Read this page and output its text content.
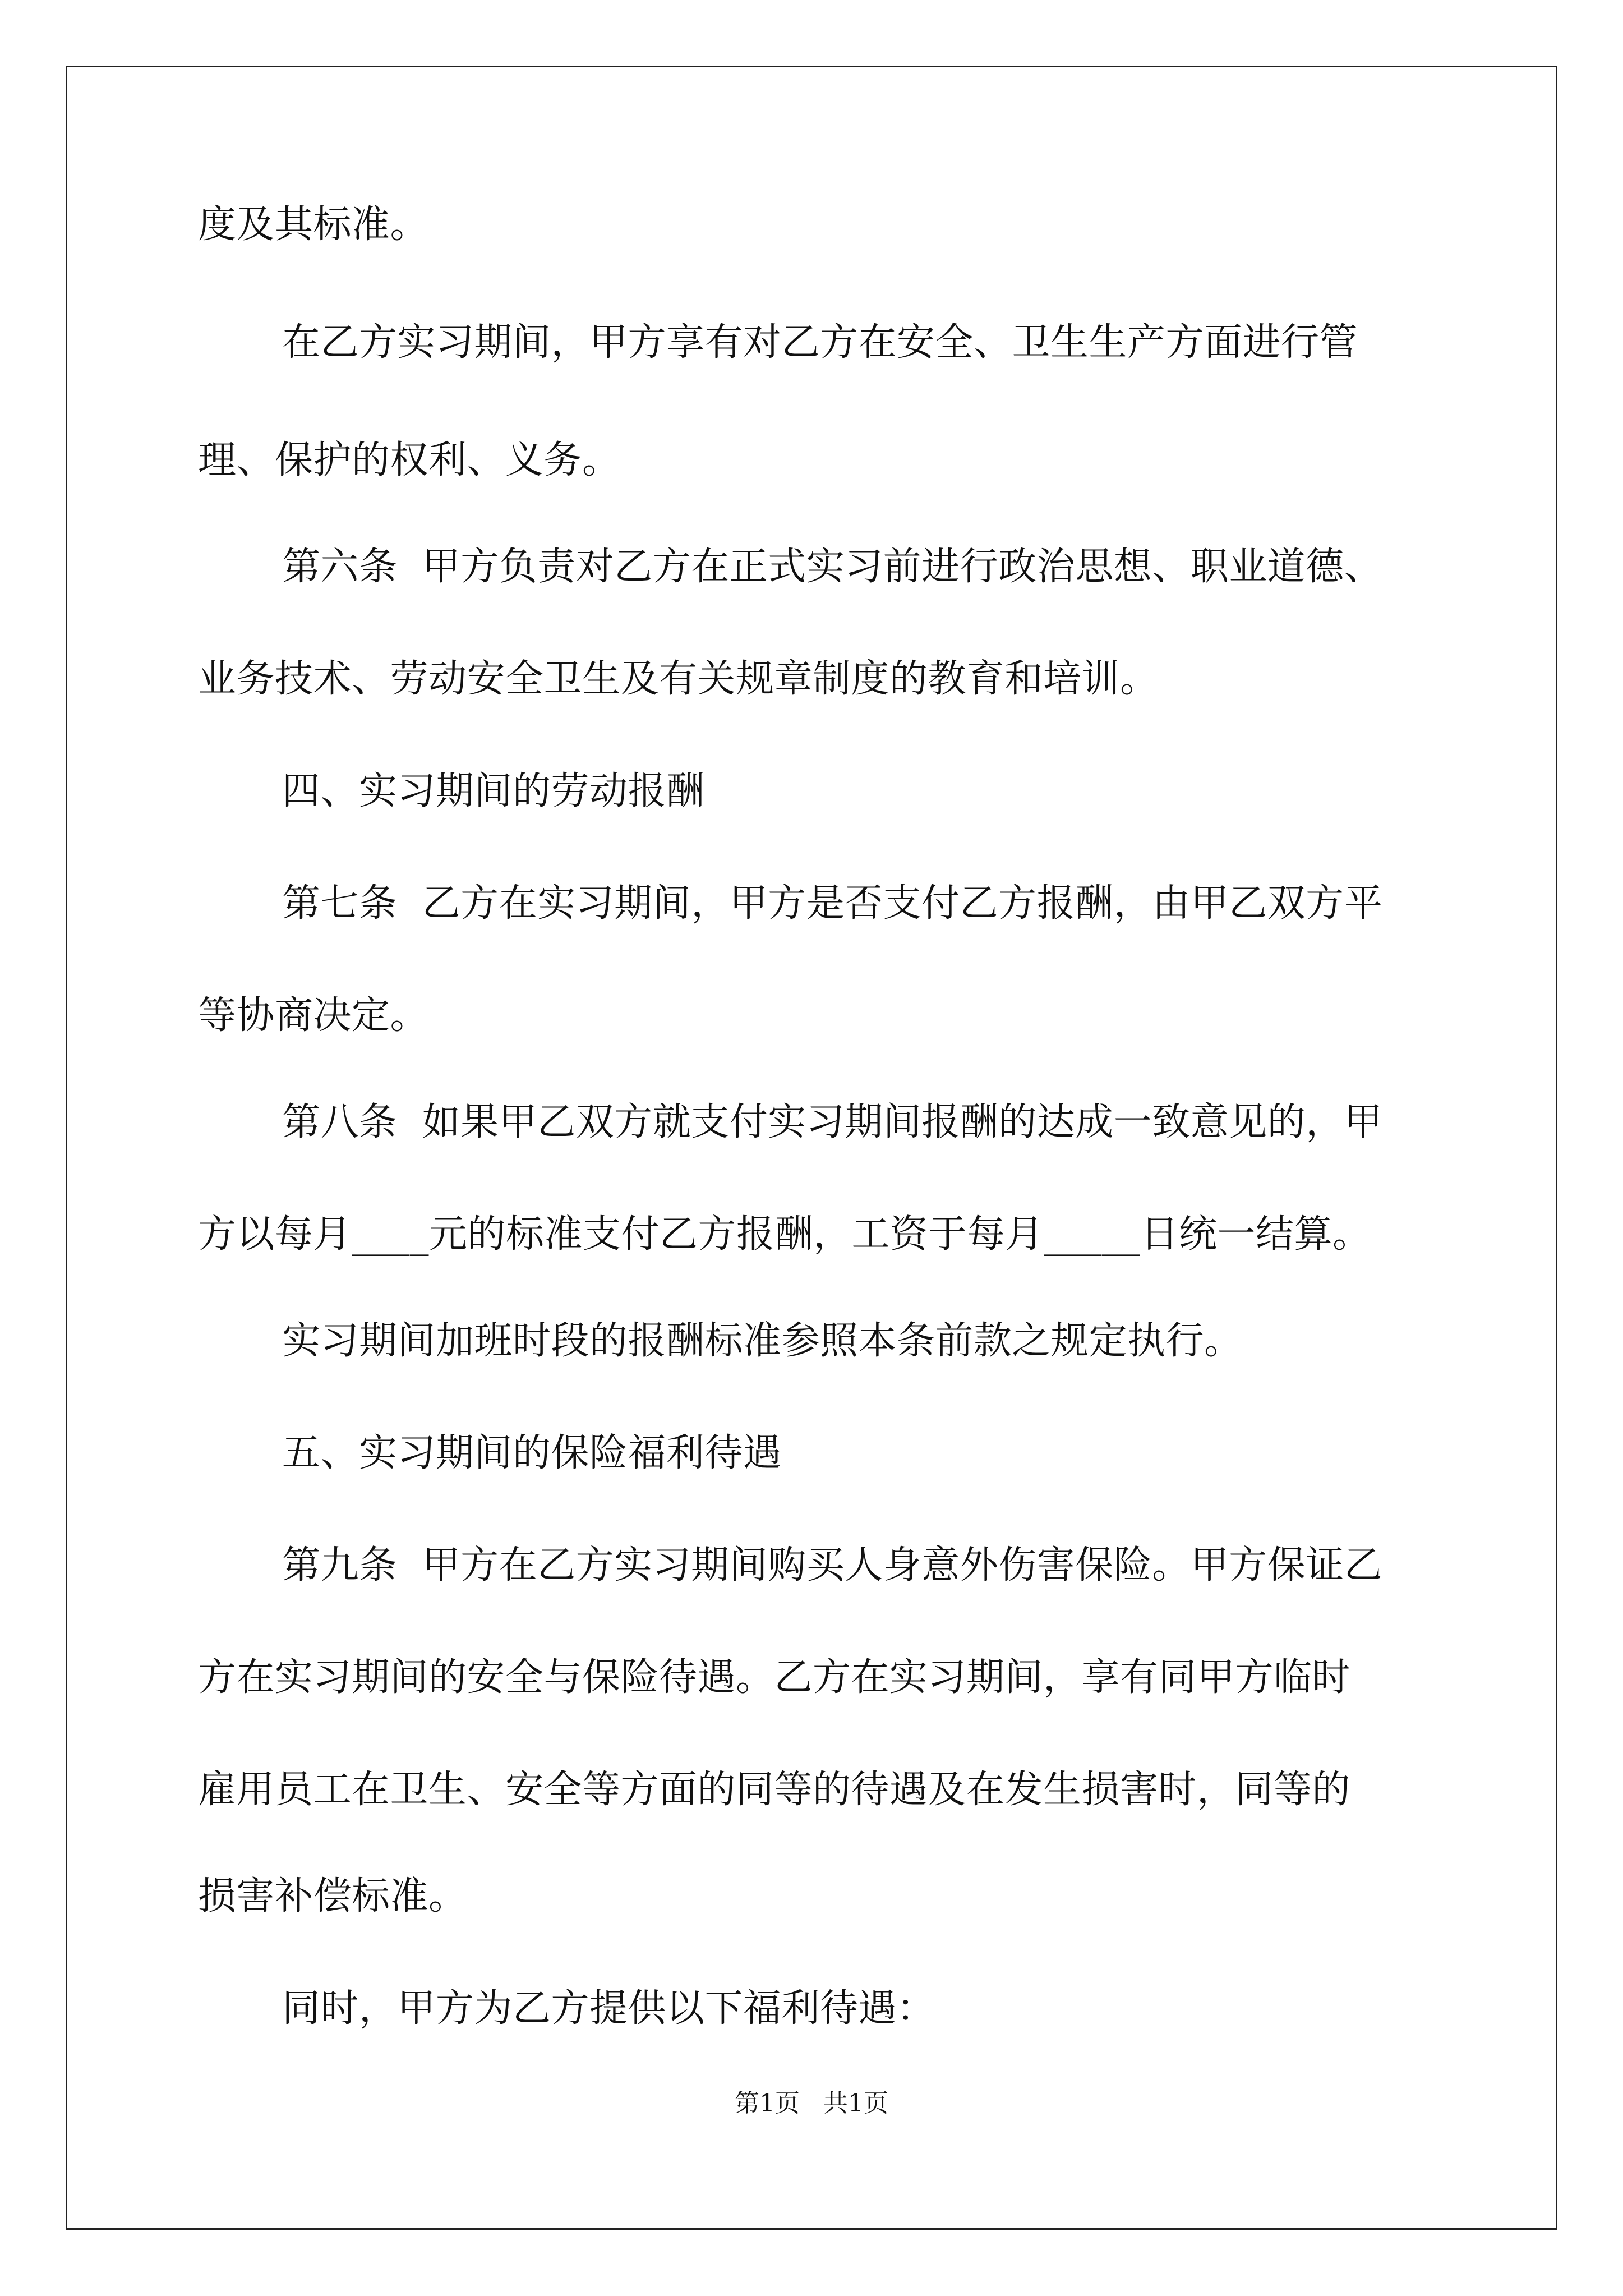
度及其标准。
在乙方实习期间，甲方享有对乙方在安全、卫生生产方面进行管
理、保护的权利、义务。
第六条  甲方负责对乙方在正式实习前进行政治思想、职业道德、
业务技术、劳动安全卫生及有关规章制度的教育和培训。
四、实习期间的劳动报酬
第七条  乙方在实习期间，甲方是否支付乙方报酬，由甲乙双方平
等协商决定。
第八条  如果甲乙双方就支付实习期间报酬的达成一致意见的，甲
方以每月____元的标准支付乙方报酬，工资于每月_____日统一结算。
实习期间加班时段的报酬标准参照本条前款之规定执行。
五、实习期间的保险福利待遇
第九条  甲方在乙方实习期间购买人身意外伤害保险。甲方保证乙
方在实习期间的安全与保险待遇。乙方在实习期间，享有同甲方临时
雇用员工在卫生、安全等方面的同等的待遇及在发生损害时，同等的
损害补偿标准。
同时，甲方为乙方提供以下福利待遇：
第1页   共1页
